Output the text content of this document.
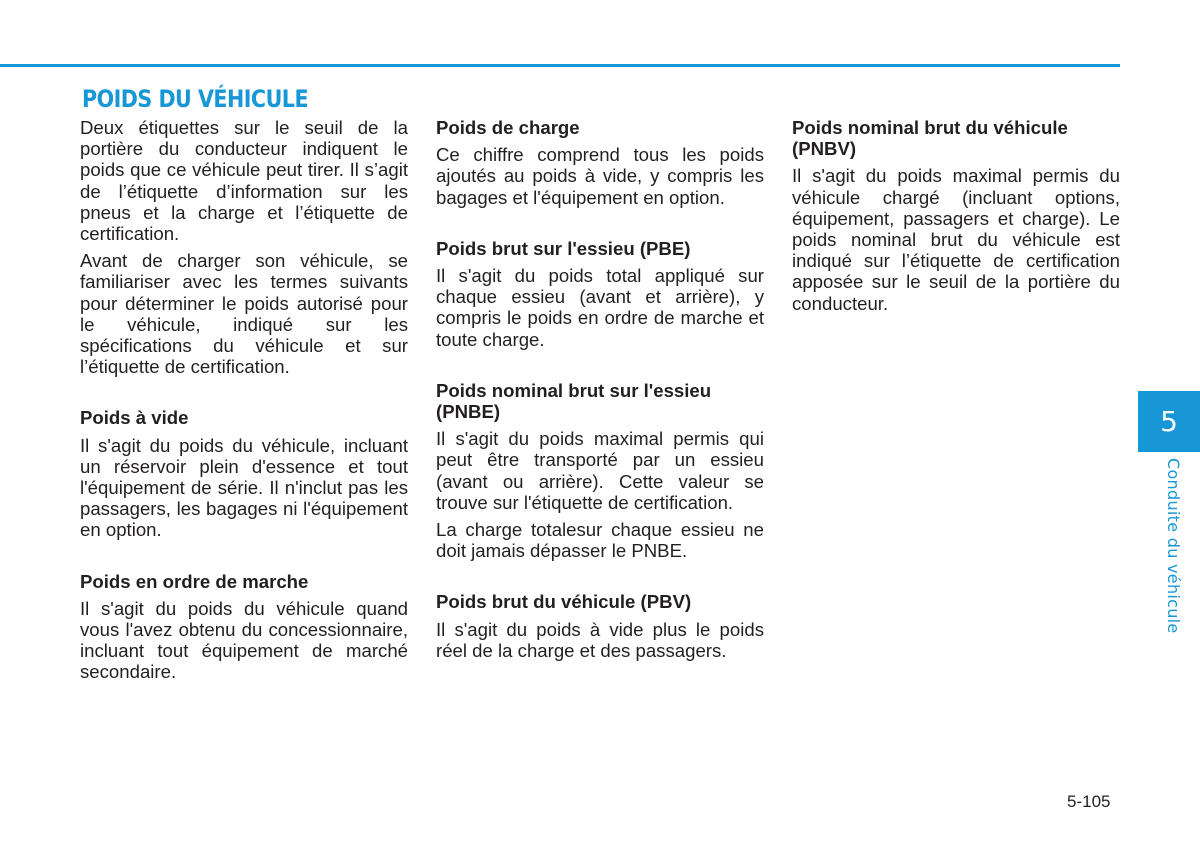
POIDS DU VÉHICULE

Deux étiquettes sur le seuil de la portière du conducteur indiquent le poids que ce véhicule peut tirer. Il s’agit de l’étiquette d’information sur les pneus et la charge et l’étiquette de certification.

Avant de charger son véhicule, se familiariser avec les termes suivants pour déterminer le poids autorisé pour le véhicule, indiqué sur les spécifications du véhicule et sur l’étiquette de certification.

Poids à vide

Il s'agit du poids du véhicule, incluant un réservoir plein d'essence et tout l'équipement de série. Il n'inclut pas les passagers, les bagages ni l'équipement en option.

Poids en ordre de marche

Il s'agit du poids du véhicule quand vous l'avez obtenu du concessionnaire, incluant tout équipement de marché secondaire.

Poids de charge

Ce chiffre comprend tous les poids ajoutés au poids à vide, y compris les bagages et l'équipement en option.

Poids brut sur l'essieu (PBE)

Il s'agit du poids total appliqué sur chaque essieu (avant et arrière), y compris le poids en ordre de marche et toute charge.

Poids nominal brut sur l'essieu (PNBE)

Il s'agit du poids maximal permis qui peut être transporté par un essieu (avant ou arrière). Cette valeur se trouve sur l'étiquette de certification.

La charge totalesur chaque essieu ne doit jamais dépasser le PNBE.

Poids brut du véhicule (PBV)

Il s'agit du poids à vide plus le poids réel de la charge et des passagers.

Poids nominal brut du véhicule (PNBV)

Il s'agit du poids maximal permis du véhicule chargé (incluant options, équipement, passagers et charge). Le poids nominal brut du véhicule est indiqué sur l’étiquette de certification apposée sur le seuil de la portière du conducteur.

5
Conduite du véhicule
5-105
